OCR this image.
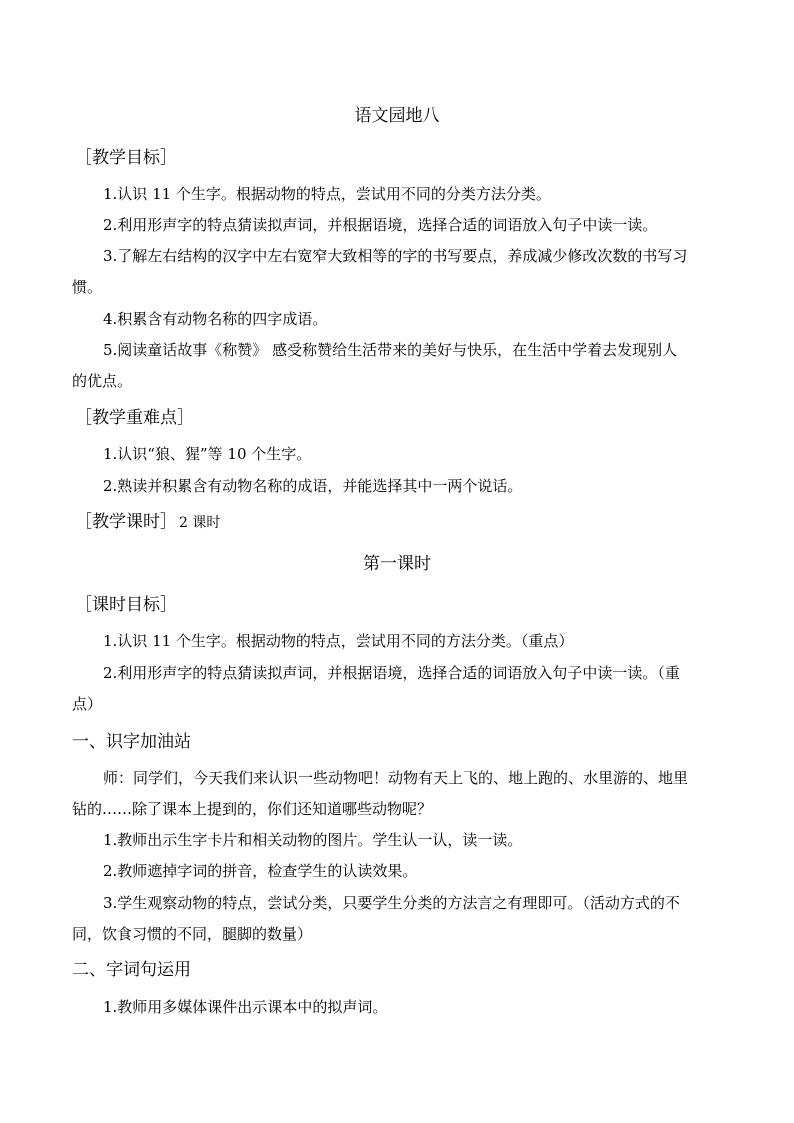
语文园地八
［教学目标］
1.认识 11 个生字。根据动物的特点，尝试用不同的分类方法分类。
2.利用形声字的特点猜读拟声词，并根据语境，选择合适的词语放入句子中读一读。
3.了解左右结构的汉字中左右宽窄大致相等的字的书写要点，养成减少修改次数的书写习
惯。
4.积累含有动物名称的四字成语。
5.阅读童话故事《称赞》 感受称赞给生活带来的美好与快乐，在生活中学着去发现别人
的优点。
［教学重难点］
1.认识“狼、猩”等 10 个生字。
2.熟读并积累含有动物名称的成语，并能选择其中一两个说话。
［教学课时］ 2 课时
第一课时
［课时目标］
1.认识 11 个生字。根据动物的特点，尝试用不同的方法分类。（重点）
2.利用形声字的特点猜读拟声词，并根据语境，选择合适的词语放入句子中读一读。（重
点）
一、识字加油站
师：同学们，今天我们来认识一些动物吧！动物有天上飞的、地上跑的、水里游的、地里
钻的……除了课本上提到的，你们还知道哪些动物呢？
1.教师出示生字卡片和相关动物的图片。学生认一认，读一读。
2.教师遮掉字词的拼音，检查学生的认读效果。
3.学生观察动物的特点，尝试分类，只要学生分类的方法言之有理即可。（活动方式的不
同，饮食习惯的不同，腿脚的数量）
二、字词句运用
1.教师用多媒体课件出示课本中的拟声词。
